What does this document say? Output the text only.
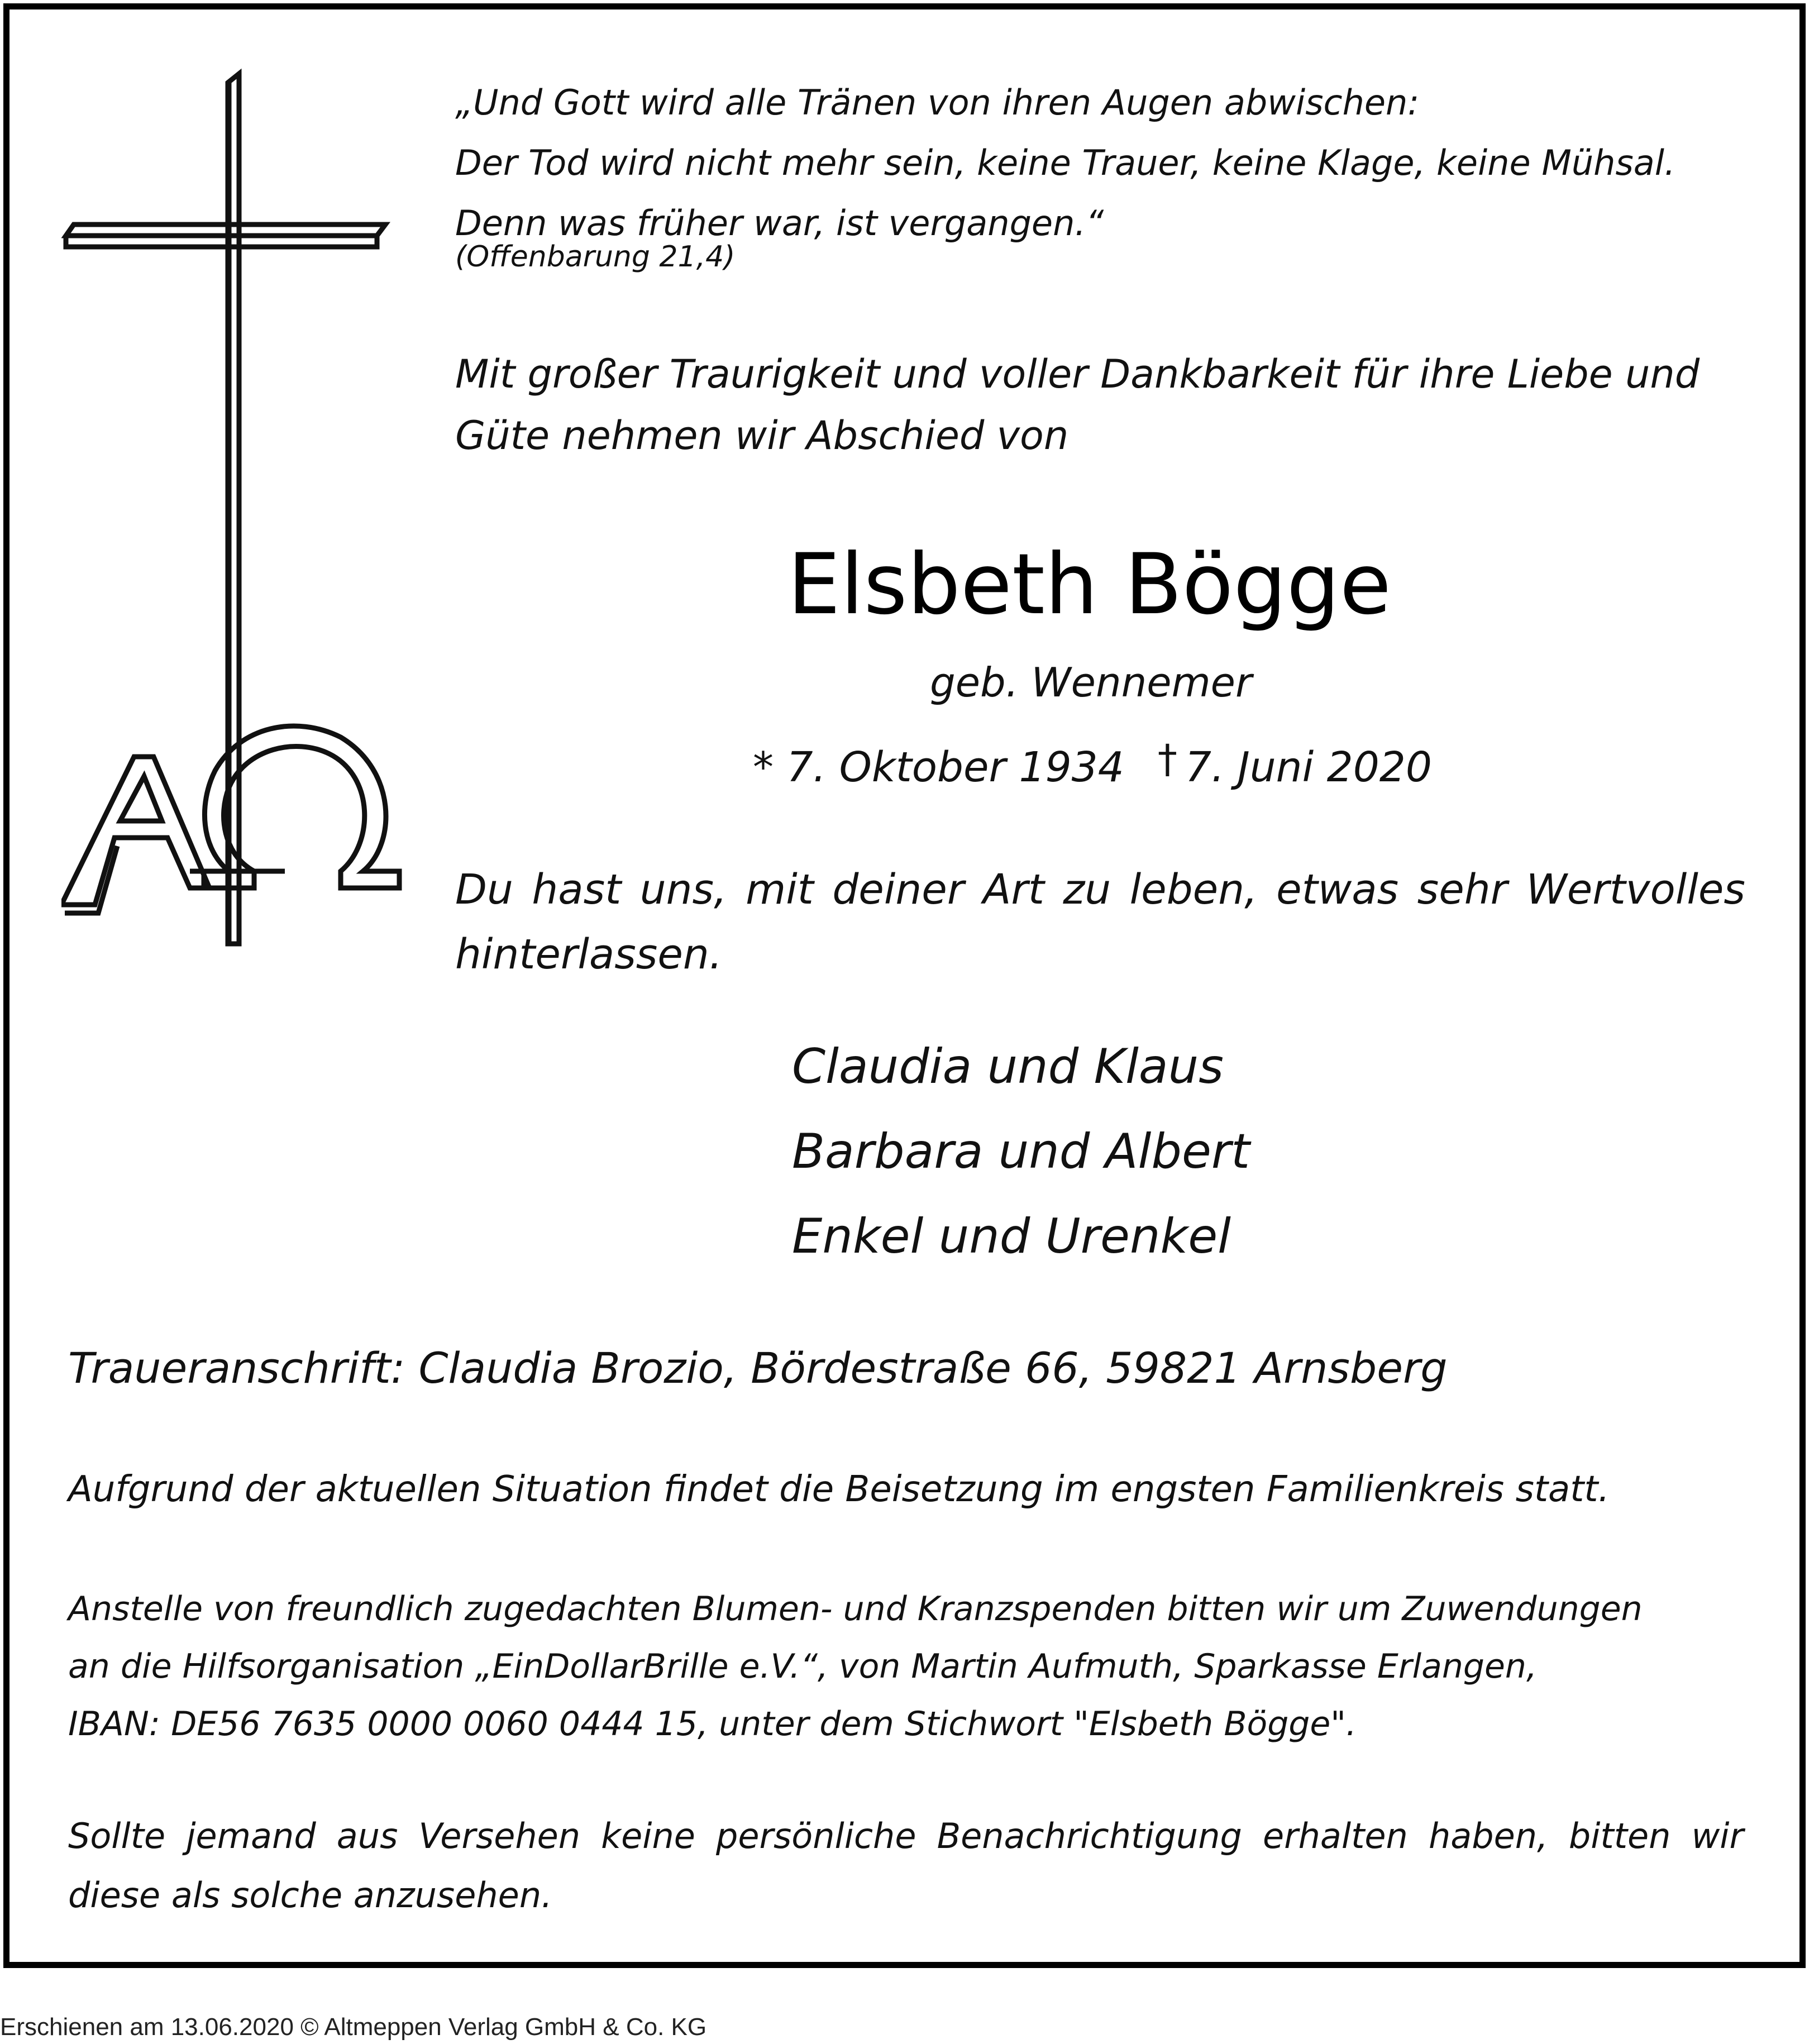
„Und Gott wird alle Tränen von ihren Augen abwischen:
Der Tod wird nicht mehr sein, keine Trauer, keine Klage, keine Mühsal.
Denn was früher war, ist vergangen.“
(Offenbarung 21,4)
Mit großer Traurigkeit und voller Dankbarkeit für ihre Liebe und
Güte nehmen wir Abschied von
Elsbeth Bögge
geb. Wennemer
* 7. Oktober 1934 † 7. Juni 2020
Du hast uns, mit deiner Art zu leben, etwas sehr Wertvolles hinterlassen.
Claudia und Klaus
Barbara und Albert
Enkel und Urenkel
Traueranschrift: Claudia Brozio, Bördestraße 66, 59821 Arnsberg
Aufgrund der aktuellen Situation findet die Beisetzung im engsten Familienkreis statt.
Anstelle von freundlich zugedachten Blumen- und Kranzspenden bitten wir um Zuwendungen
an die Hilfsorganisation „EinDollarBrille e.V.“, von Martin Aufmuth, Sparkasse Erlangen,
IBAN: DE56 7635 0000 0060 0444 15, unter dem Stichwort "Elsbeth Bögge".
Sollte jemand aus Versehen keine persönliche Benachrichtigung erhalten haben, bitten wir diese als solche anzusehen.
Erschienen am 13.06.2020 © Altmeppen Verlag GmbH & Co. KG
